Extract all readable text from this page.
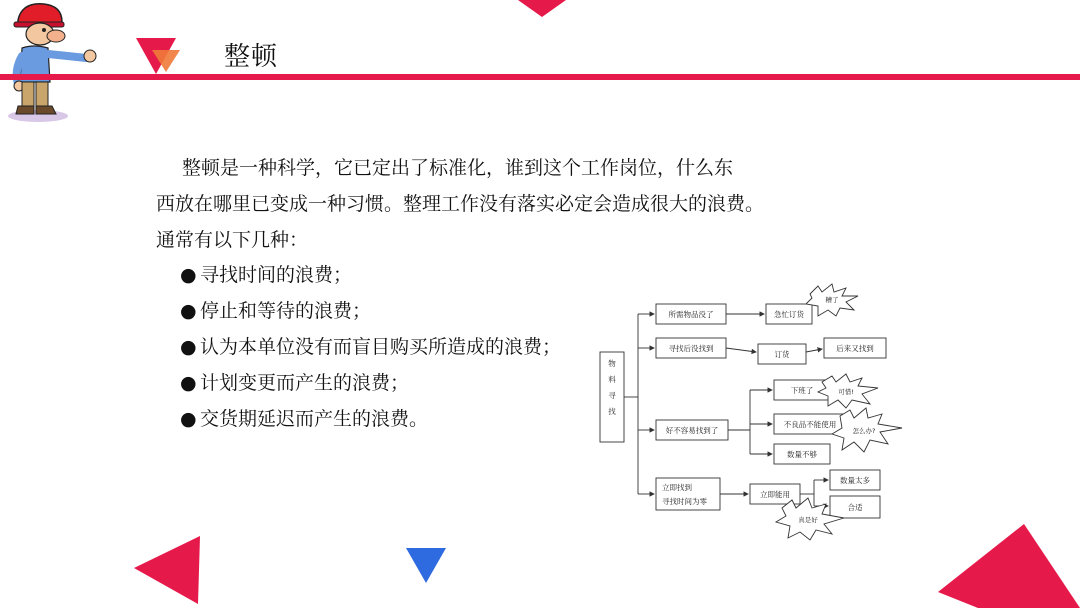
整顿
整顿是一种科学，它已定出了标准化，谁到这个工作岗位，什么东
西放在哪里已变成一种习惯。整理工作没有落实必定会造成很大的浪费。
通常有以下几种：
● 寻找时间的浪费；
● 停止和等待的浪费；
● 认为本单位没有而盲目购买所造成的浪费；
● 计划变更而产生的浪费；
● 交货期延迟而产生的浪费。
物
料
寻
找
所需物品没了	急忙订货
糟了
寻找后没找到
订货
后来又找到
好不容易找到了
下班了	可惜!
不良品不能使用
怎么办?
数量不够
立即找到
寻找时间为零
立即能用
数量太多
合适
真是好
